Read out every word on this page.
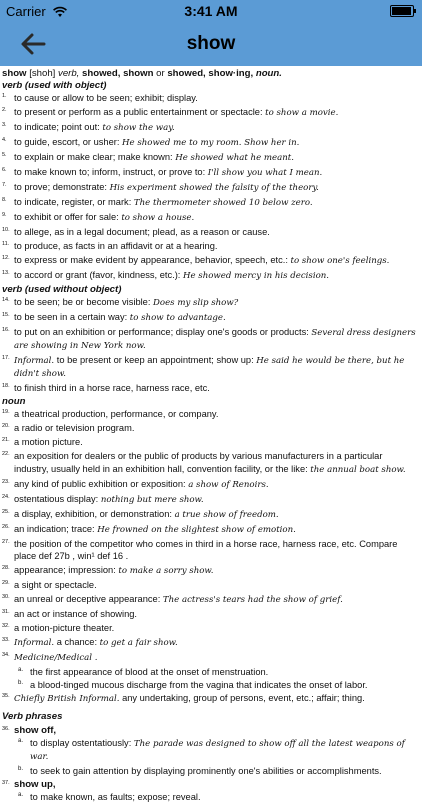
Carrier	3:41 AM
show
show [shoh] verb, showed, shown or showed, show·ing, noun.
verb (used with object)
1. to cause or allow to be seen; exhibit; display.
2. to present or perform as a public entertainment or spectacle: to show a movie.
3. to indicate; point out: to show the way.
4. to guide, escort, or usher: He showed me to my room. Show her in.
5. to explain or make clear; make known: He showed what he meant.
6. to make known to; inform, instruct, or prove to: I'll show you what I mean.
7. to prove; demonstrate: His experiment showed the falsity of the theory.
8. to indicate, register, or mark: The thermometer showed 10 below zero.
9. to exhibit or offer for sale: to show a house.
10. to allege, as in a legal document; plead, as a reason or cause.
11. to produce, as facts in an affidavit or at a hearing.
12. to express or make evident by appearance, behavior, speech, etc.: to show one's feelings.
13. to accord or grant (favor, kindness, etc.): He showed mercy in his decision.
verb (used without object)
14. to be seen; be or become visible: Does my slip show?
15. to be seen in a certain way: to show to advantage.
16. to put on an exhibition or performance; display one's goods or products: Several dress designers are showing in New York now.
17. Informal. to be present or keep an appointment; show up: He said he would be there, but he didn't show.
18. to finish third in a horse race, harness race, etc.
noun
19. a theatrical production, performance, or company.
20. a radio or television program.
21. a motion picture.
22. an exposition for dealers or the public of products by various manufacturers in a particular industry, usually held in an exhibition hall, convention facility, or the like: the annual boat show.
23. any kind of public exhibition or exposition: a show of Renoirs.
24. ostentatious display: nothing but mere show.
25. a display, exhibition, or demonstration: a true show of freedom.
26. an indication; trace: He frowned on the slightest show of emotion.
27. the position of the competitor who comes in third in a horse race, harness race, etc. Compare place def 27b , win¹ def 16 .
28. appearance; impression: to make a sorry show.
29. a sight or spectacle.
30. an unreal or deceptive appearance: The actress's tears had the show of grief.
31. an act or instance of showing.
32. a motion-picture theater.
33. Informal. a chance: to get a fair show.
34. Medicine/Medical .
a. the first appearance of blood at the onset of menstruation.
b. a blood-tinged mucous discharge from the vagina that indicates the onset of labor.
35. Chiefly British Informal. any undertaking, group of persons, event, etc.; affair; thing.
Verb phrases
36. show off,
a. to display ostentatiously: The parade was designed to show off all the latest weapons of war.
b. to seek to gain attention by displaying prominently one's abilities or accomplishments.
37. show up,
a. to make known, as faults; expose; reveal.
